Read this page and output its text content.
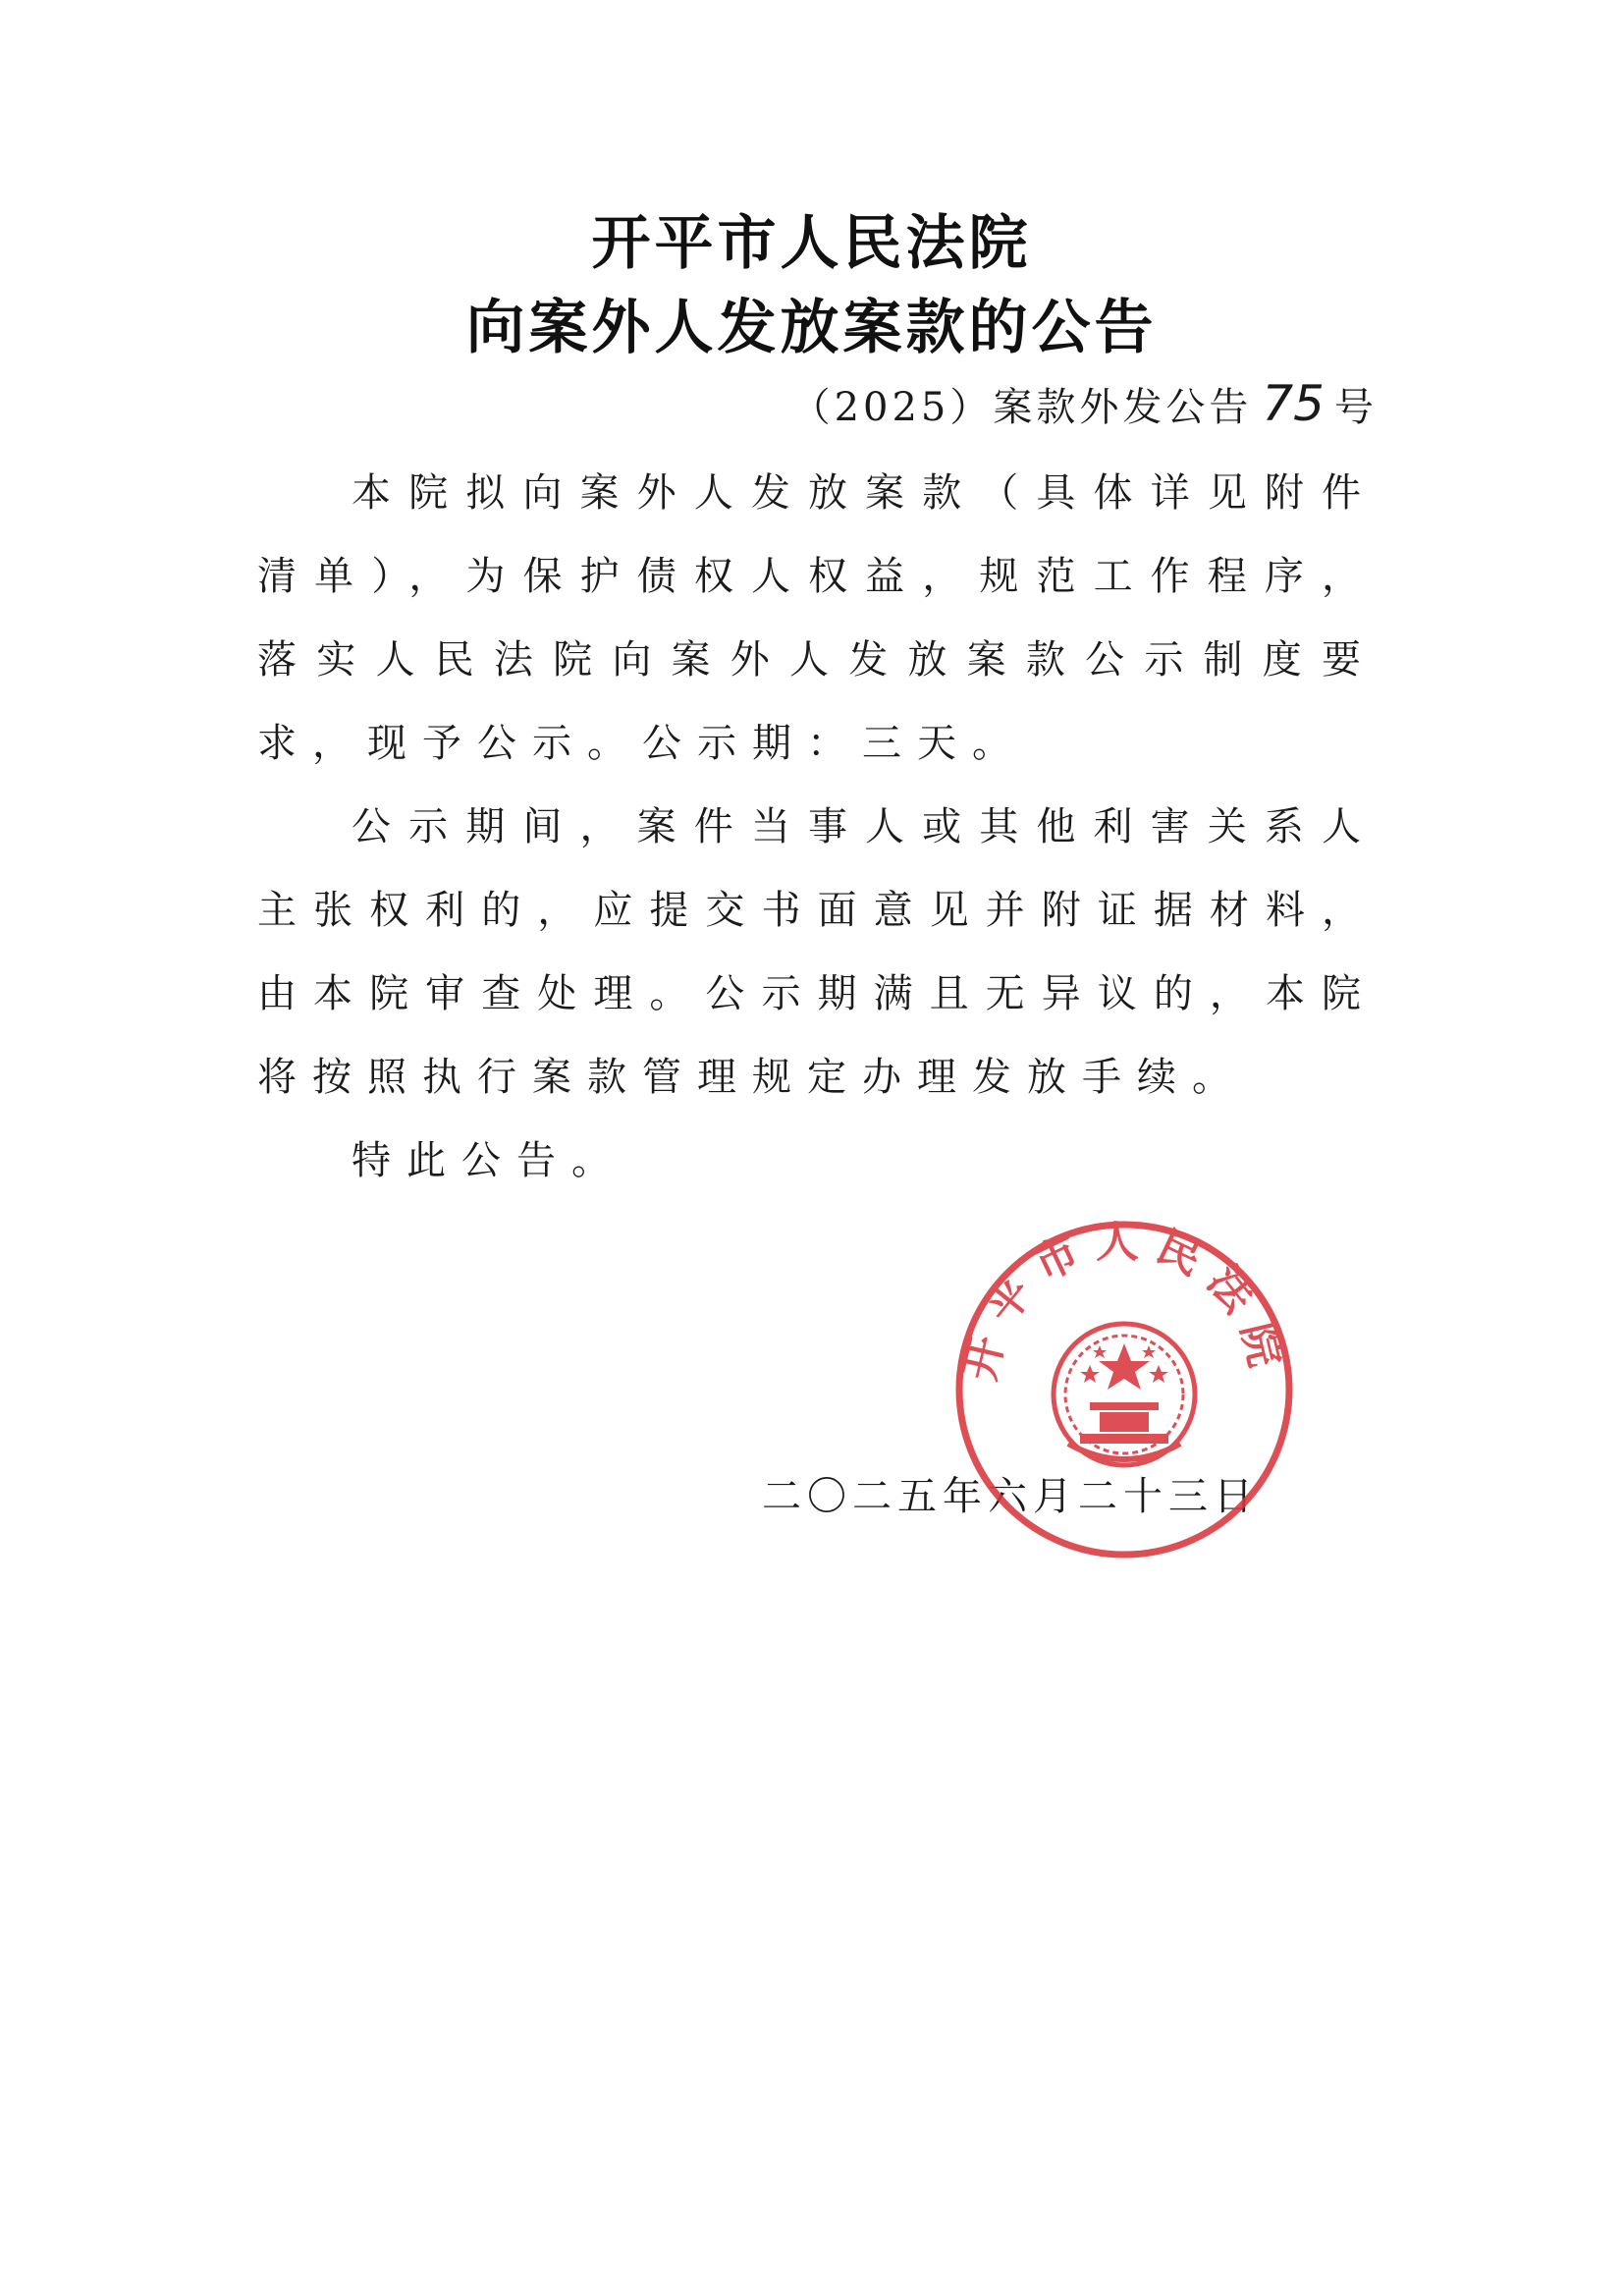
开平市人民法院
向案外人发放案款的公告
（2025）案款外发公告 75 号
本院拟向案外人发放案款（具体详见附件清单），为保护债权人权益，规范工作程序，落实人民法院向案外人发放案款公示制度要求，现予公示。公示期：三天。
公示期间，案件当事人或其他利害关系人主张权利的，应提交书面意见并附证据材料，由本院审查处理。公示期满且无异议的，本院将按照执行案款管理规定办理发放手续。
特此公告。
二〇二五年六月二十三日
开平市人民法院
